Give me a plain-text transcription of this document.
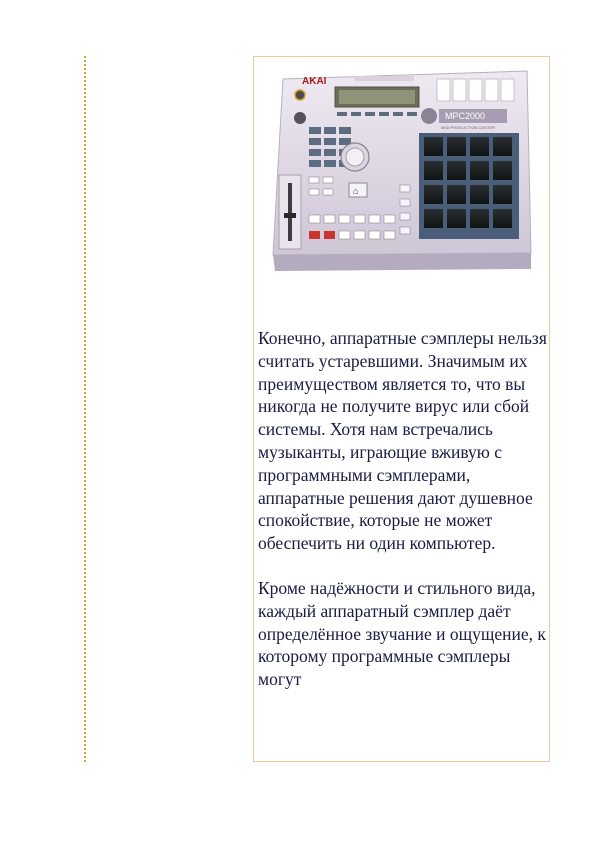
AKAI
MPC2000
MIDI PRODUCTION CENTER
⌂

Конечно, аппаратные сэмплеры нельзя считать устаревшими. Значимым их преимуществом является то, что вы никогда не получите вирус или сбой системы. Хотя нам встречались музыканты, играющие вживую с программными сэмплерами, аппаратные решения дают душевное спокойствие, которые не может обеспечить ни один компьютер.

Кроме надёжности и стильного вида, каждый аппаратный сэмплер даёт определённое звучание и ощущение, к которому программные сэмплеры могут
